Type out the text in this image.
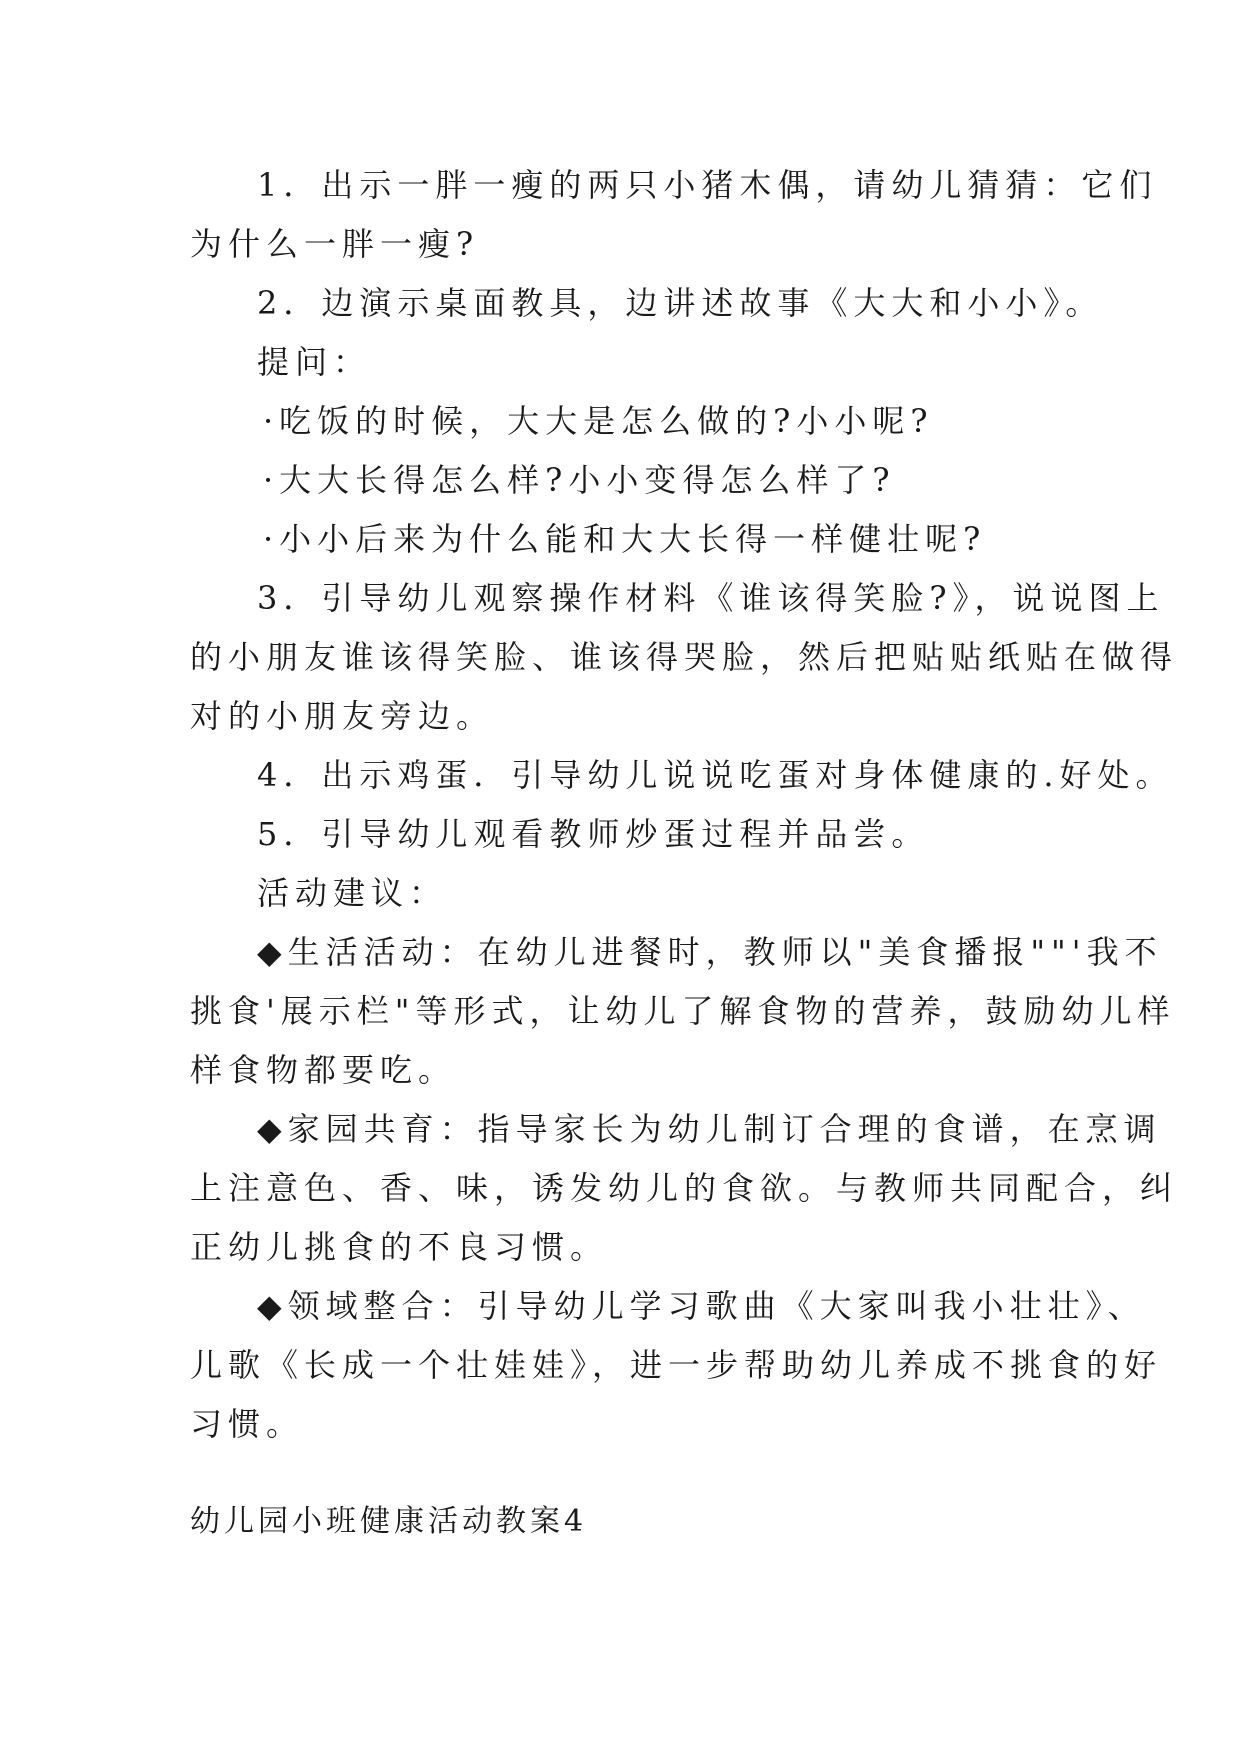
1．出示一胖一瘦的两只小猪木偶，请幼儿猜猜：它们
为什么一胖一瘦?
2．边演示桌面教具，边讲述故事《大大和小小》。
提问：
·吃饭的时候，大大是怎么做的?小小呢?
·大大长得怎么样?小小变得怎么样了?
·小小后来为什么能和大大长得一样健壮呢?
3．引导幼儿观察操作材料《谁该得笑脸?》，说说图上
的小朋友谁该得笑脸、谁该得哭脸，然后把贴贴纸贴在做得
对的小朋友旁边。
4．出示鸡蛋．引导幼儿说说吃蛋对身体健康的.好处。
5．引导幼儿观看教师炒蛋过程并品尝。
活动建议：
◆生活活动：在幼儿进餐时，教师以"美食播报""'我不
挑食'展示栏"等形式，让幼儿了解食物的营养，鼓励幼儿样
样食物都要吃。
◆家园共育：指导家长为幼儿制订合理的食谱，在烹调
上注意色、香、味，诱发幼儿的食欲。与教师共同配合，纠
正幼儿挑食的不良习惯。
◆领域整合：引导幼儿学习歌曲《大家叫我小壮壮》、
儿歌《长成一个壮娃娃》，进一步帮助幼儿养成不挑食的好
习惯。
幼儿园小班健康活动教案4
